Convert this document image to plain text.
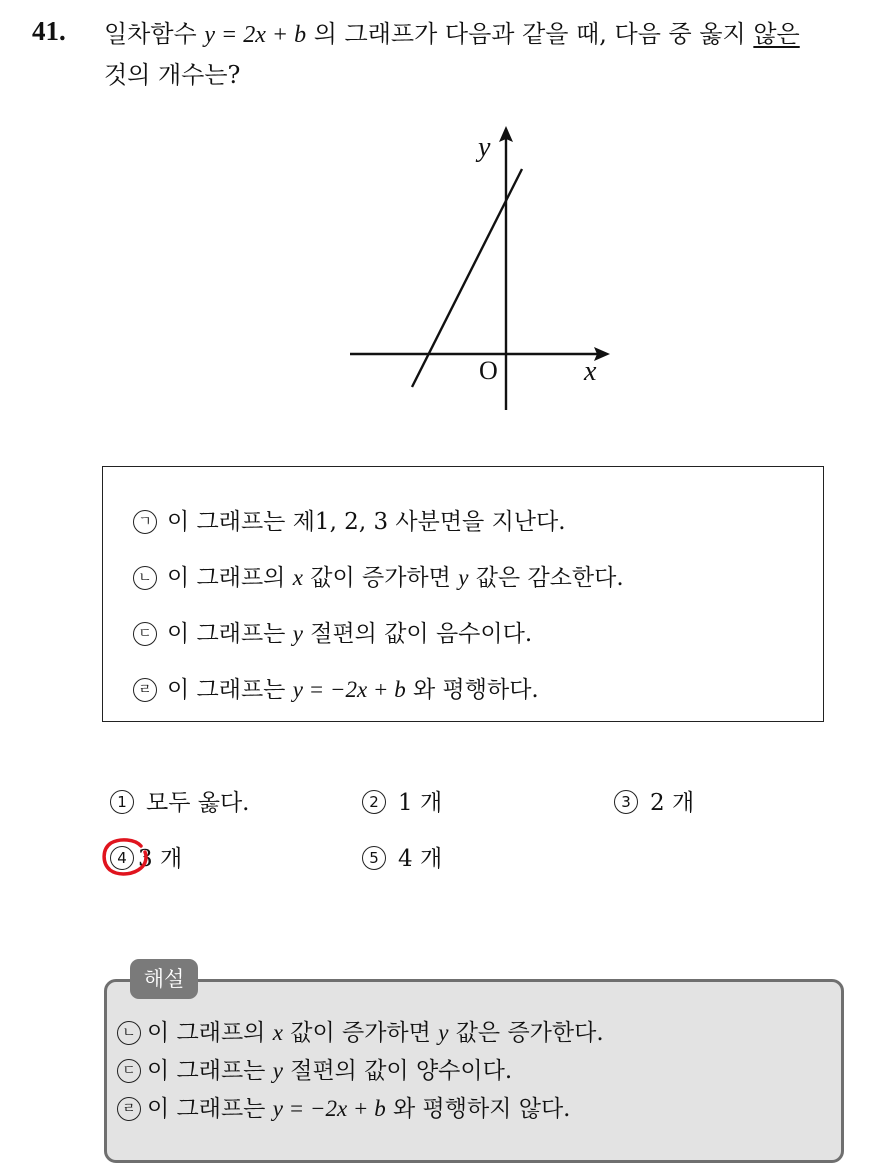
41. 일차함수 y = 2x + b 의 그래프가 다음과 같을 때, 다음 중 옳지 않은
것의 개수는?
y
x
O
ㄱ 이 그래프는 제1, 2, 3 사분면을 지난다.
ㄴ 이 그래프의 x 값이 증가하면 y 값은 감소한다.
ㄷ 이 그래프는 y 절편의 값이 음수이다.
ㄹ 이 그래프는 y = −2x + b 와 평행하다.
1 모두 옳다.	2 1 개	3 2 개
4 3 개	5 4 개
ㄴ 이 그래프의 x 값이 증가하면 y 값은 증가한다.
ㄷ 이 그래프는 y 절편의 값이 양수이다.
ㄹ 이 그래프는 y = −2x + b 와 평행하지 않다.
해설
